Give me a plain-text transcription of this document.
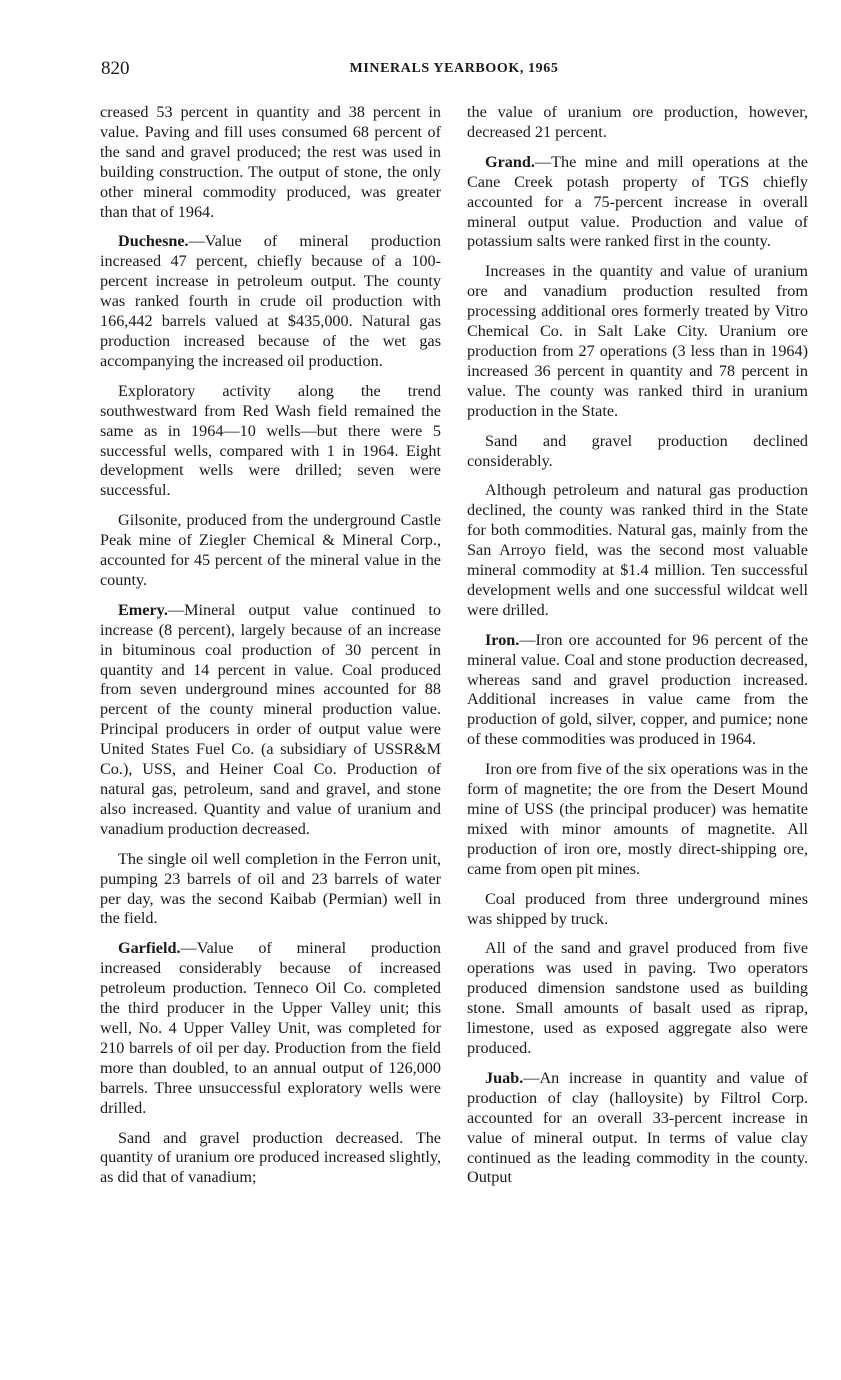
820	MINERALS YEARBOOK, 1965

creased 53 percent in quantity and 38 percent in value. Paving and fill uses consumed 68 percent of the sand and gravel produced; the rest was used in building construction. The output of stone, the only other mineral commodity produced, was greater than that of 1964.

Duchesne.—Value of mineral production increased 47 percent, chiefly because of a 100-percent increase in petroleum output. The county was ranked fourth in crude oil production with 166,442 barrels valued at $435,000. Natural gas production increased because of the wet gas accompanying the increased oil production.

Exploratory activity along the trend southwestward from Red Wash field remained the same as in 1964—10 wells—but there were 5 successful wells, compared with 1 in 1964. Eight development wells were drilled; seven were successful.

Gilsonite, produced from the underground Castle Peak mine of Ziegler Chemical & Mineral Corp., accounted for 45 percent of the mineral value in the county.

Emery.—Mineral output value continued to increase (8 percent), largely because of an increase in bituminous coal production of 30 percent in quantity and 14 percent in value. Coal produced from seven underground mines accounted for 88 percent of the county mineral production value. Principal producers in order of output value were United States Fuel Co. (a subsidiary of USSR&M Co.), USS, and Heiner Coal Co. Production of natural gas, petroleum, sand and gravel, and stone also increased. Quantity and value of uranium and vanadium production decreased.

The single oil well completion in the Ferron unit, pumping 23 barrels of oil and 23 barrels of water per day, was the second Kaibab (Permian) well in the field.

Garfield.—Value of mineral production increased considerably because of increased petroleum production. Tenneco Oil Co. completed the third producer in the Upper Valley unit; this well, No. 4 Upper Valley Unit, was completed for 210 barrels of oil per day. Production from the field more than doubled, to an annual output of 126,000 barrels. Three unsuccessful exploratory wells were drilled.

Sand and gravel production decreased. The quantity of uranium ore produced increased slightly, as did that of vanadium;

the value of uranium ore production, however, decreased 21 percent.

Grand.—The mine and mill operations at the Cane Creek potash property of TGS chiefly accounted for a 75-percent increase in overall mineral output value. Production and value of potassium salts were ranked first in the county.

Increases in the quantity and value of uranium ore and vanadium production resulted from processing additional ores formerly treated by Vitro Chemical Co. in Salt Lake City. Uranium ore production from 27 operations (3 less than in 1964) increased 36 percent in quantity and 78 percent in value. The county was ranked third in uranium production in the State.

Sand and gravel production declined considerably.

Although petroleum and natural gas production declined, the county was ranked third in the State for both commodities. Natural gas, mainly from the San Arroyo field, was the second most valuable mineral commodity at $1.4 million. Ten successful development wells and one successful wildcat well were drilled.

Iron.—Iron ore accounted for 96 percent of the mineral value. Coal and stone production decreased, whereas sand and gravel production increased. Additional increases in value came from the production of gold, silver, copper, and pumice; none of these commodities was produced in 1964.

Iron ore from five of the six operations was in the form of magnetite; the ore from the Desert Mound mine of USS (the principal producer) was hematite mixed with minor amounts of magnetite. All production of iron ore, mostly direct-shipping ore, came from open pit mines.

Coal produced from three underground mines was shipped by truck.

All of the sand and gravel produced from five operations was used in paving. Two operators produced dimension sandstone used as building stone. Small amounts of basalt used as riprap, limestone, used as exposed aggregate also were produced.

Juab.—An increase in quantity and value of production of clay (halloysite) by Filtrol Corp. accounted for an overall 33-percent increase in value of mineral output. In terms of value clay continued as the leading commodity in the county. Output
